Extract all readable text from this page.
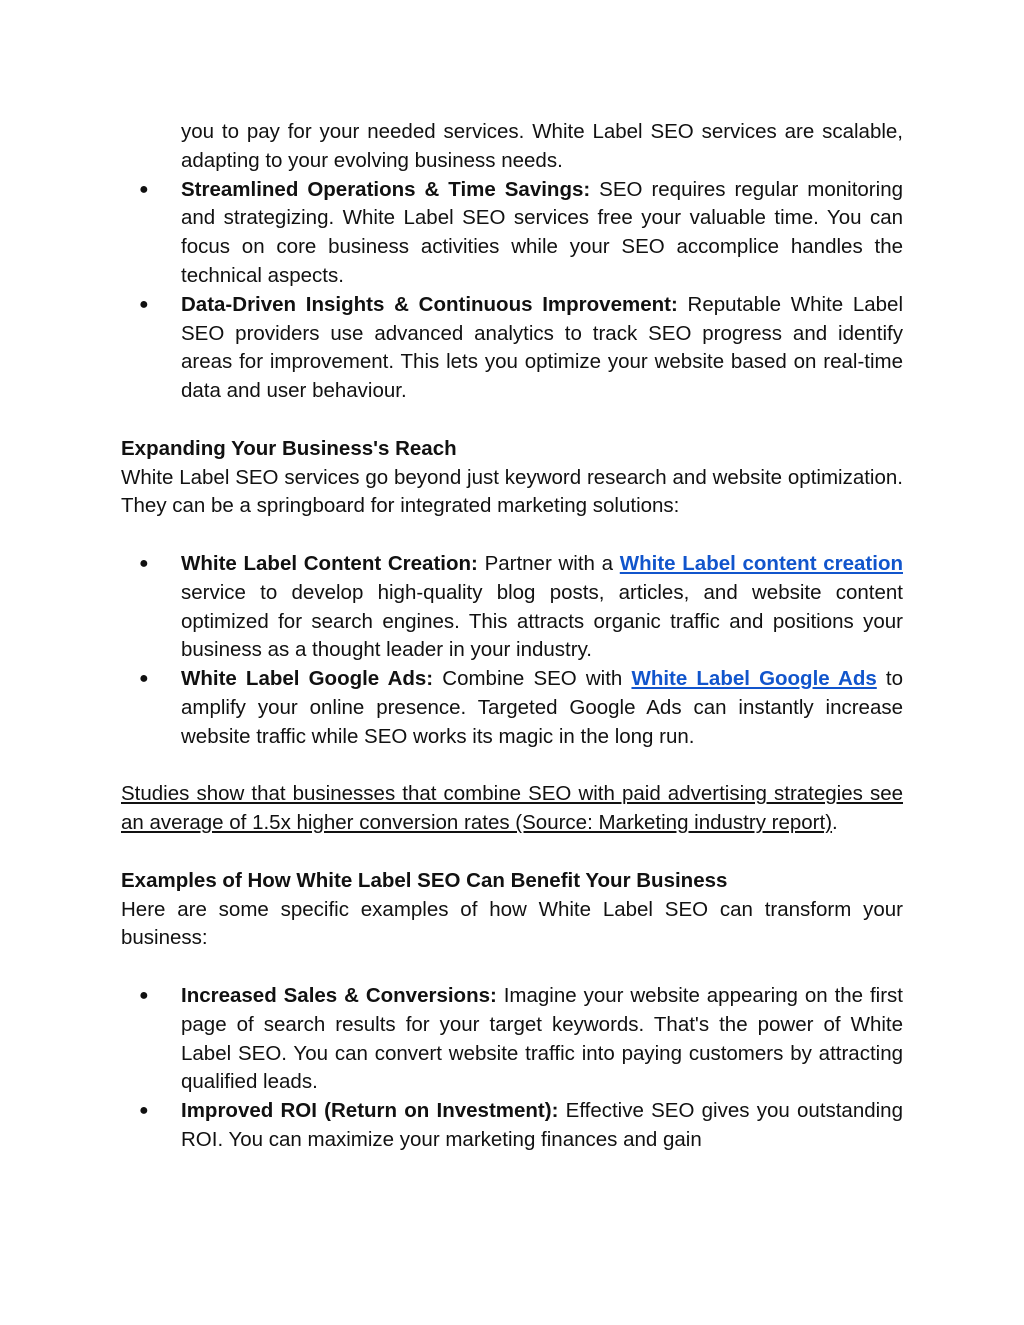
you to pay for your needed services. White Label SEO services are scalable, adapting to your evolving business needs.

● Streamlined Operations & Time Savings: SEO requires regular monitoring and strategizing. White Label SEO services free your valuable time. You can focus on core business activities while your SEO accomplice handles the technical aspects.
● Data-Driven Insights & Continuous Improvement: Reputable White Label SEO providers use advanced analytics to track SEO progress and identify areas for improvement. This lets you optimize your website based on real-time data and user behaviour.

Expanding Your Business's Reach

White Label SEO services go beyond just keyword research and website optimization. They can be a springboard for integrated marketing solutions:

● White Label Content Creation: Partner with a White Label content creation service to develop high-quality blog posts, articles, and website content optimized for search engines. This attracts organic traffic and positions your business as a thought leader in your industry.
● White Label Google Ads: Combine SEO with White Label Google Ads to amplify your online presence. Targeted Google Ads can instantly increase website traffic while SEO works its magic in the long run.

Studies show that businesses that combine SEO with paid advertising strategies see an average of 1.5x higher conversion rates (Source: Marketing industry report).

Examples of How White Label SEO Can Benefit Your Business

Here are some specific examples of how White Label SEO can transform your business:

● Increased Sales & Conversions: Imagine your website appearing on the first page of search results for your target keywords. That's the power of White Label SEO. You can convert website traffic into paying customers by attracting qualified leads.
● Improved ROI (Return on Investment): Effective SEO gives you outstanding ROI. You can maximize your marketing finances and gain
